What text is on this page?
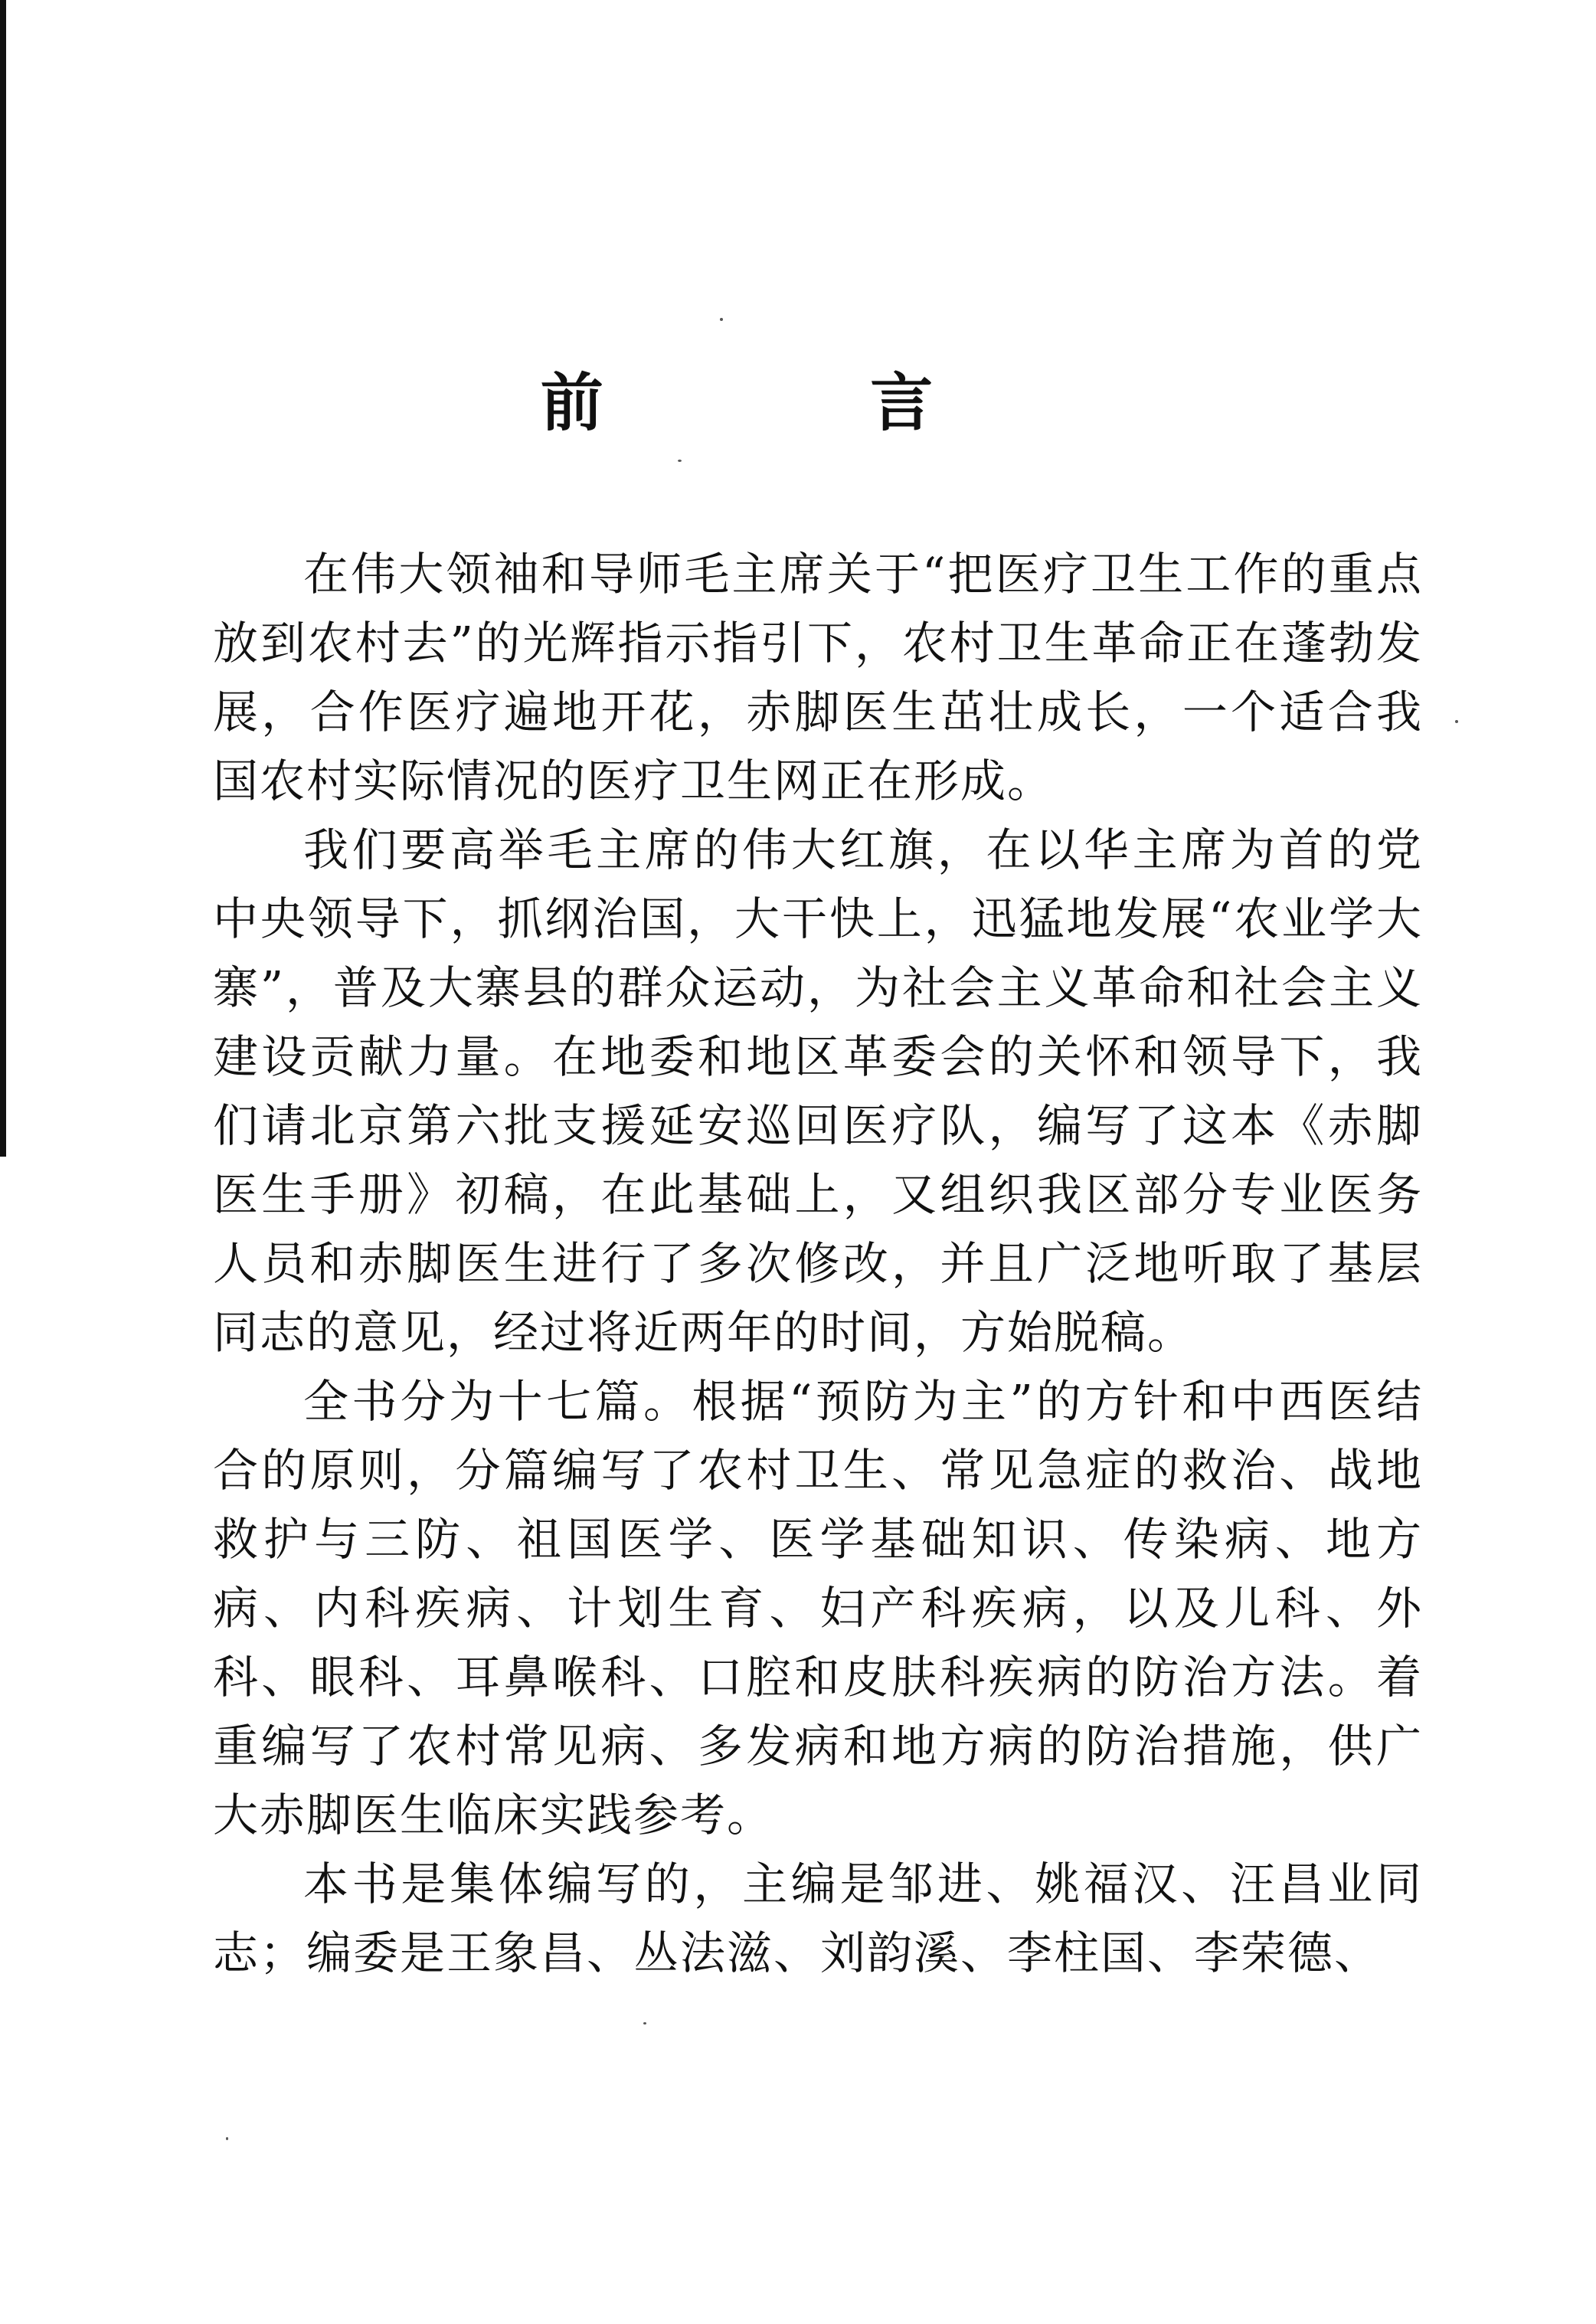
前 言

在伟大领袖和导师毛主席关于“把医疗卫生工作的重点放到农村去”的光辉指示指引下，农村卫生革命正在蓬勃发展，合作医疗遍地开花，赤脚医生茁壮成长，一个适合我国农村实际情况的医疗卫生网正在形成。

我们要高举毛主席的伟大红旗，在以华主席为首的党中央领导下，抓纲治国，大干快上，迅猛地发展“农业学大寨”，普及大寨县的群众运动，为社会主义革命和社会主义建设贡献力量。在地委和地区革委会的关怀和领导下，我们请北京第六批支援延安巡回医疗队，编写了这本《赤脚医生手册》初稿，在此基础上，又组织我区部分专业医务人员和赤脚医生进行了多次修改，并且广泛地听取了基层同志的意见，经过将近两年的时间，方始脱稿。

全书分为十七篇。根据“预防为主”的方针和中西医结合的原则，分篇编写了农村卫生、常见急症的救治、战地救护与三防、祖国医学、医学基础知识、传染病、地方病、内科疾病、计划生育、妇产科疾病，以及儿科、外科、眼科、耳鼻喉科、口腔和皮肤科疾病的防治方法。着重编写了农村常见病、多发病和地方病的防治措施，供广大赤脚医生临床实践参考。

本书是集体编写的，主编是邹进、姚福汉、汪昌业同志；编委是王象昌、丛法滋、刘韵溪、李柱国、李荣德、
